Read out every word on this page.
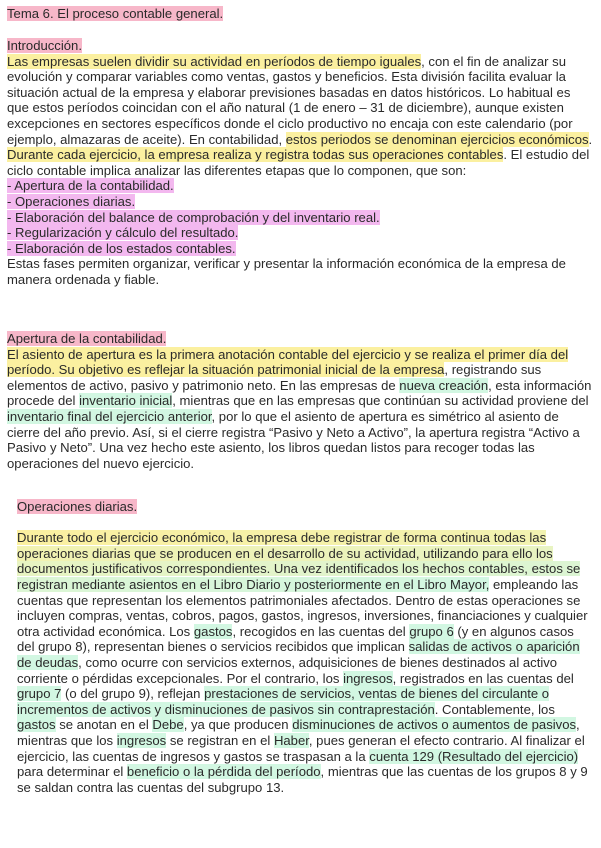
Tema 6. El proceso contable general.

Introducción.

Las empresas suelen dividir su actividad en períodos de tiempo iguales, con el fin de analizar su evolución y comparar variables como ventas, gastos y beneficios. Esta división facilita evaluar la situación actual de la empresa y elaborar previsiones basadas en datos históricos. Lo habitual es que estos períodos coincidan con el año natural (1 de enero – 31 de diciembre), aunque existen excepciones en sectores específicos donde el ciclo productivo no encaja con este calendario (por ejemplo, almazaras de aceite). En contabilidad, estos periodos se denominan ejercicios económicos. Durante cada ejercicio, la empresa realiza y registra todas sus operaciones contables. El estudio del ciclo contable implica analizar las diferentes etapas que lo componen, que son:

- Apertura de la contabilidad.

- Operaciones diarias.

- Elaboración del balance de comprobación y del inventario real.

- Regularización y cálculo del resultado.

- Elaboración de los estados contables.

Estas fases permiten organizar, verificar y presentar la información económica de la empresa de manera ordenada y fiable.

Apertura de la contabilidad.

El asiento de apertura es la primera anotación contable del ejercicio y se realiza el primer día del período. Su objetivo es reflejar la situación patrimonial inicial de la empresa, registrando sus elementos de activo, pasivo y patrimonio neto. En las empresas de nueva creación, esta información procede del inventario inicial, mientras que en las empresas que continúan su actividad proviene del inventario final del ejercicio anterior, por lo que el asiento de apertura es simétrico al asiento de cierre del año previo. Así, si el cierre registra “Pasivo y Neto a Activo”, la apertura registra “Activo a Pasivo y Neto”. Una vez hecho este asiento, los libros quedan listos para recoger todas las operaciones del nuevo ejercicio.

Operaciones diarias.

Durante todo el ejercicio económico, la empresa debe registrar de forma continua todas las operaciones diarias que se producen en el desarrollo de su actividad, utilizando para ello los documentos justificativos correspondientes. Una vez identificados los hechos contables, estos se registran mediante asientos en el Libro Diario y posteriormente en el Libro Mayor, empleando las cuentas que representan los elementos patrimoniales afectados. Dentro de estas operaciones se incluyen compras, ventas, cobros, pagos, gastos, ingresos, inversiones, financiaciones y cualquier otra actividad económica. Los gastos, recogidos en las cuentas del grupo 6 (y en algunos casos del grupo 8), representan bienes o servicios recibidos que implican salidas de activos o aparición de deudas, como ocurre con servicios externos, adquisiciones de bienes destinados al activo corriente o pérdidas excepcionales. Por el contrario, los ingresos, registrados en las cuentas del grupo 7 (o del grupo 9), reflejan prestaciones de servicios, ventas de bienes del circulante o incrementos de activos y disminuciones de pasivos sin contraprestación. Contablemente, los gastos se anotan en el Debe, ya que producen disminuciones de activos o aumentos de pasivos, mientras que los ingresos se registran en el Haber, pues generan el efecto contrario. Al finalizar el ejercicio, las cuentas de ingresos y gastos se traspasan a la cuenta 129 (Resultado del ejercicio) para determinar el beneficio o la pérdida del período, mientras que las cuentas de los grupos 8 y 9 se saldan contra las cuentas del subgrupo 13.
